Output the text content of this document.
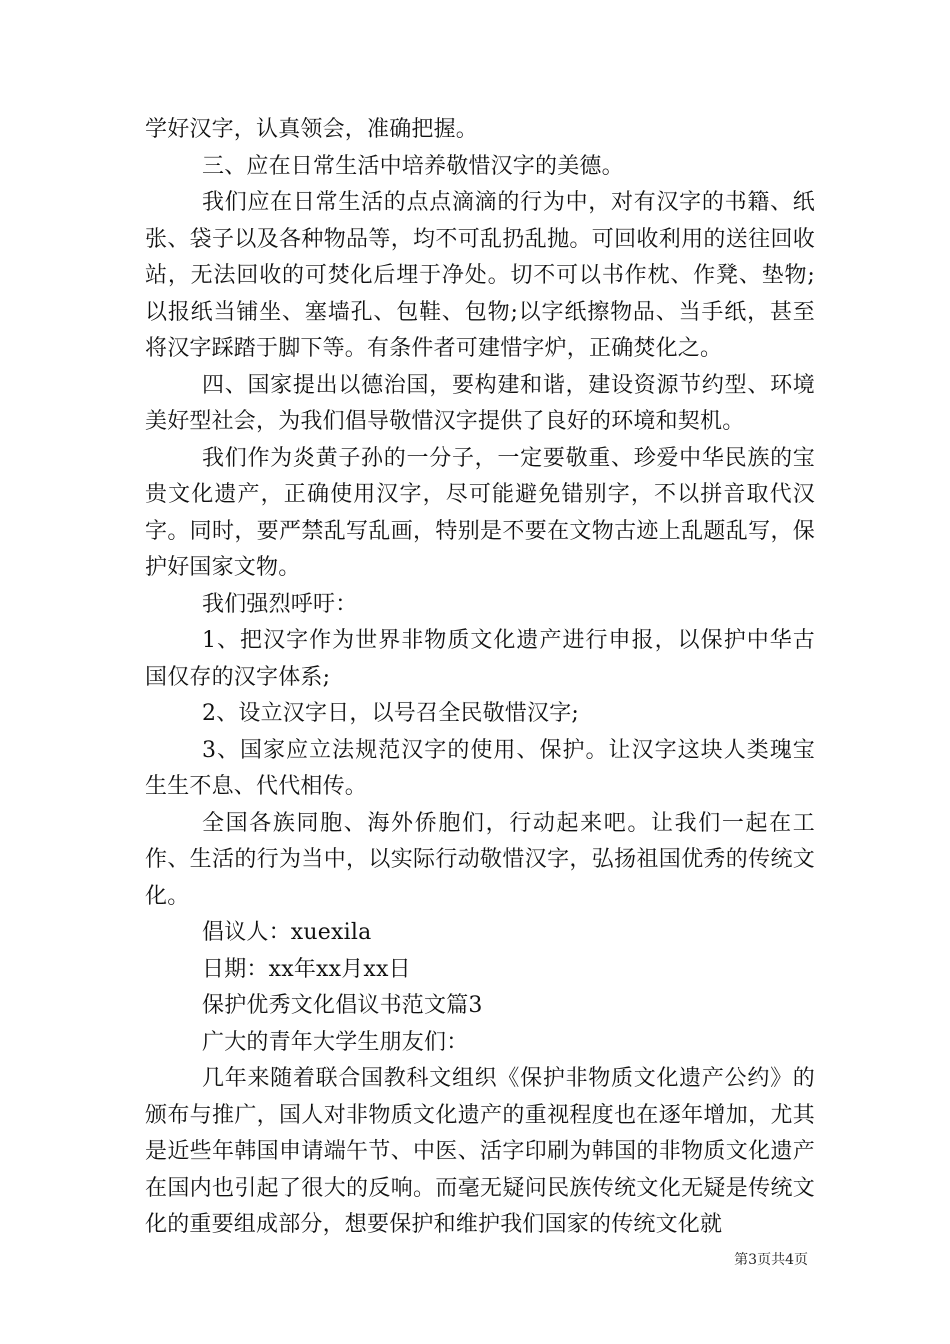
学好汉字，认真领会，准确把握。

三、应在日常生活中培养敬惜汉字的美德。

我们应在日常生活的点点滴滴的行为中，对有汉字的书籍、纸张、袋子以及各种物品等，均不可乱扔乱抛。可回收利用的送往回收站，无法回收的可焚化后埋于净处。切不可以书作枕、作凳、垫物;以报纸当铺坐、塞墙孔、包鞋、包物;以字纸擦物品、当手纸，甚至将汉字踩踏于脚下等。有条件者可建惜字炉，正确焚化之。

四、国家提出以德治国，要构建和谐，建设资源节约型、环境美好型社会，为我们倡导敬惜汉字提供了良好的环境和契机。

我们作为炎黄子孙的一分子，一定要敬重、珍爱中华民族的宝贵文化遗产，正确使用汉字，尽可能避免错别字，不以拼音取代汉字。同时，要严禁乱写乱画，特别是不要在文物古迹上乱题乱写，保护好国家文物。

我们强烈呼吁：

1、把汉字作为世界非物质文化遗产进行申报，以保护中华古国仅存的汉字体系;

2、设立汉字日，以号召全民敬惜汉字;

3、国家应立法规范汉字的使用、保护。让汉字这块人类瑰宝生生不息、代代相传。

全国各族同胞、海外侨胞们，行动起来吧。让我们一起在工作、生活的行为当中，以实际行动敬惜汉字，弘扬祖国优秀的传统文化。

倡议人：xuexila

日期：xx年xx月xx日

保护优秀文化倡议书范文篇3

广大的青年大学生朋友们：

几年来随着联合国教科文组织《保护非物质文化遗产公约》的颁布与推广，国人对非物质文化遗产的重视程度也在逐年增加，尤其是近些年韩国申请端午节、中医、活字印刷为韩国的非物质文化遗产在国内也引起了很大的反响。而毫无疑问民族传统文化无疑是传统文化的重要组成部分，想要保护和维护我们国家的传统文化就

第3页共4页
